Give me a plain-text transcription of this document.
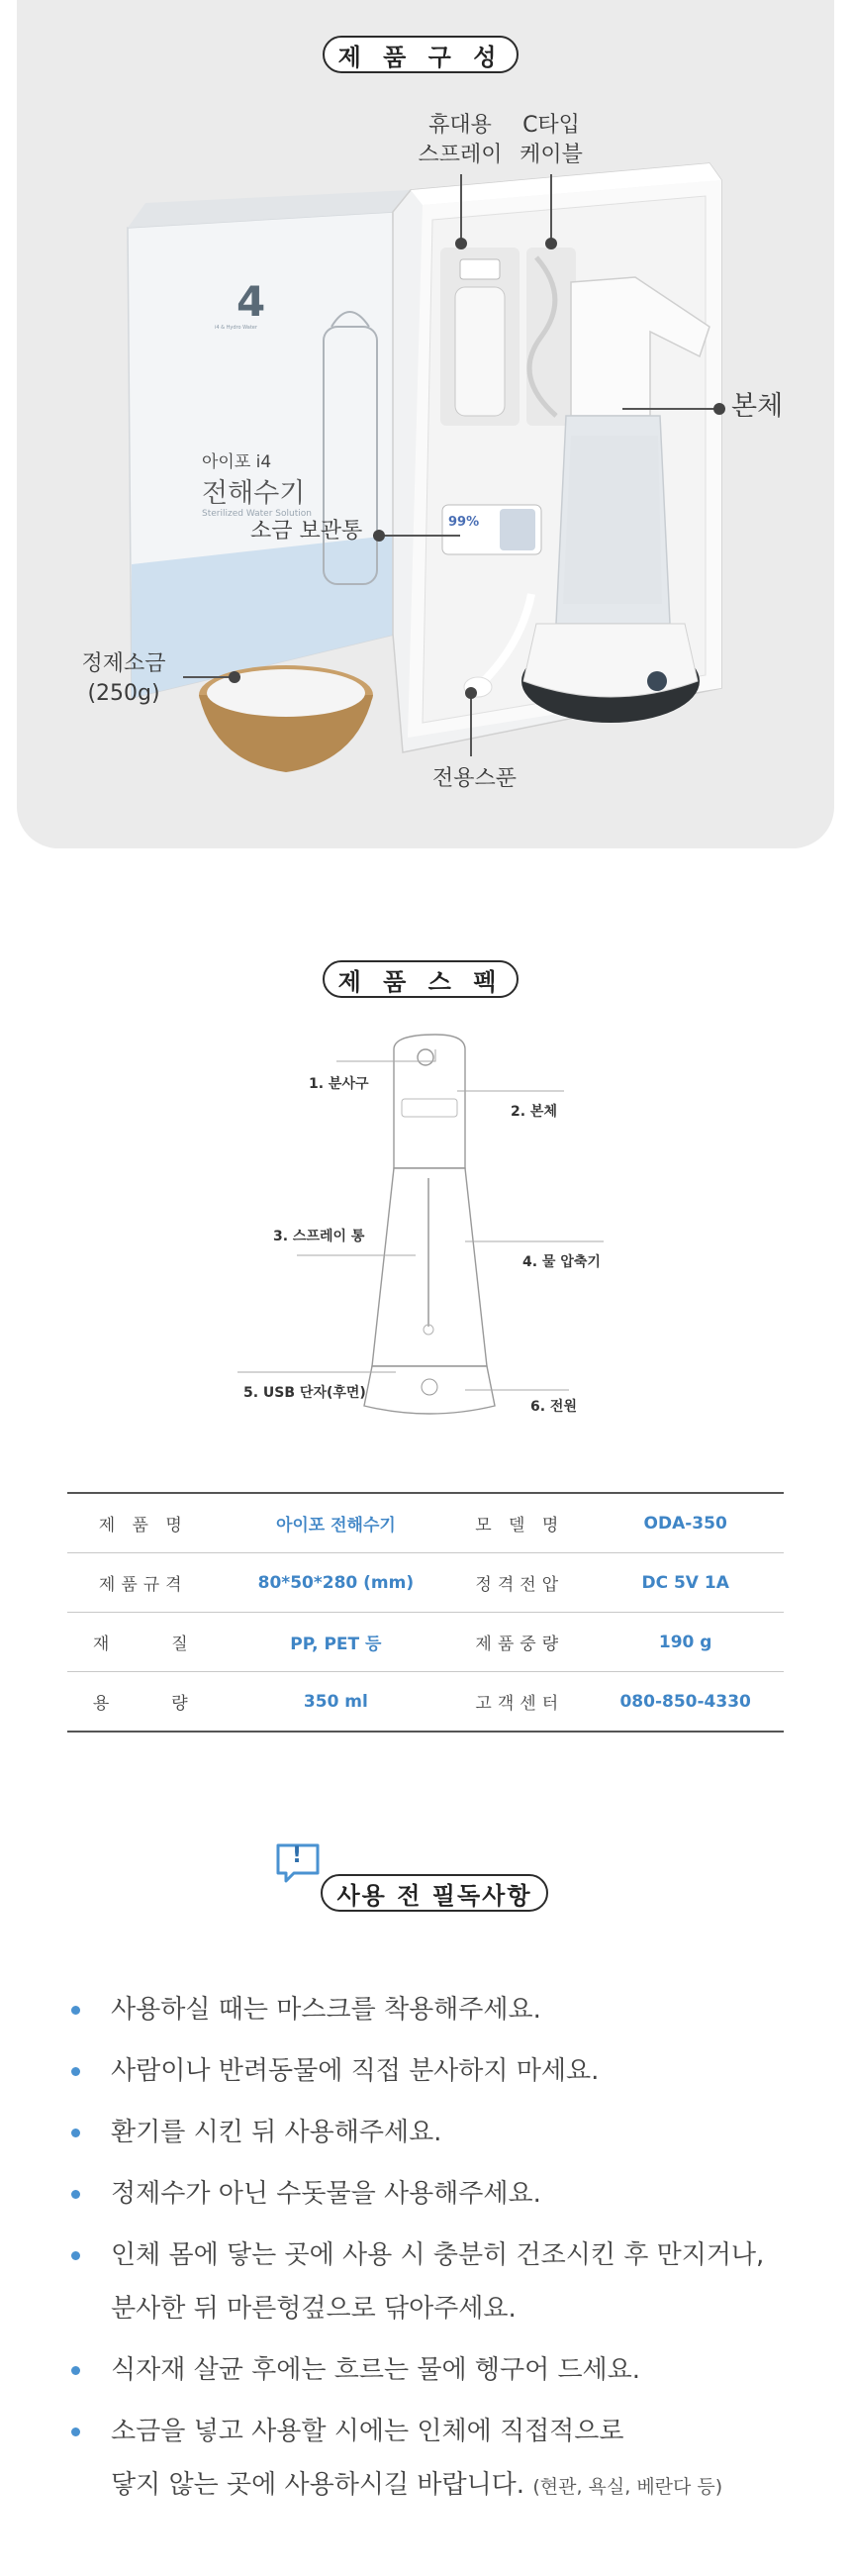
제 품 구 성
4
i4 & Hydro Water
아이포 i4
전해수기
Sterilized Water Solution
99%
휴대용
스프레이
C타입
케이블
본체
소금 보관통
정제소금
(250g)
전용스푼
제 품 스 펙
1. 분사구
2. 본체
3. 스프레이 통
4. 물 압축기
5. USB 단자(후면)
6. 전원
제 품 명	아이포 전해수기	모 델 명	ODA-350
제품규격	80*50*280 (mm)	정격전압	DC 5V 1A
재     질	PP, PET 등	제품중량	190 g
용     량	350 ml	고객센터	080-850-4330
!
사용 전 필독사항
사용하실 때는 마스크를 착용해주세요.
사람이나 반려동물에 직접 분사하지 마세요.
환기를 시킨 뒤 사용해주세요.
정제수가 아닌 수돗물을 사용해주세요.
인체 몸에 닿는 곳에 사용 시 충분히 건조시킨 후 만지거나,
분사한 뒤 마른헝겊으로 닦아주세요.
식자재 살균 후에는 흐르는 물에 헹구어 드세요.
소금을 넣고 사용할 시에는 인체에 직접적으로
닿지 않는 곳에 사용하시길 바랍니다. (현관, 욕실, 베란다 등)
